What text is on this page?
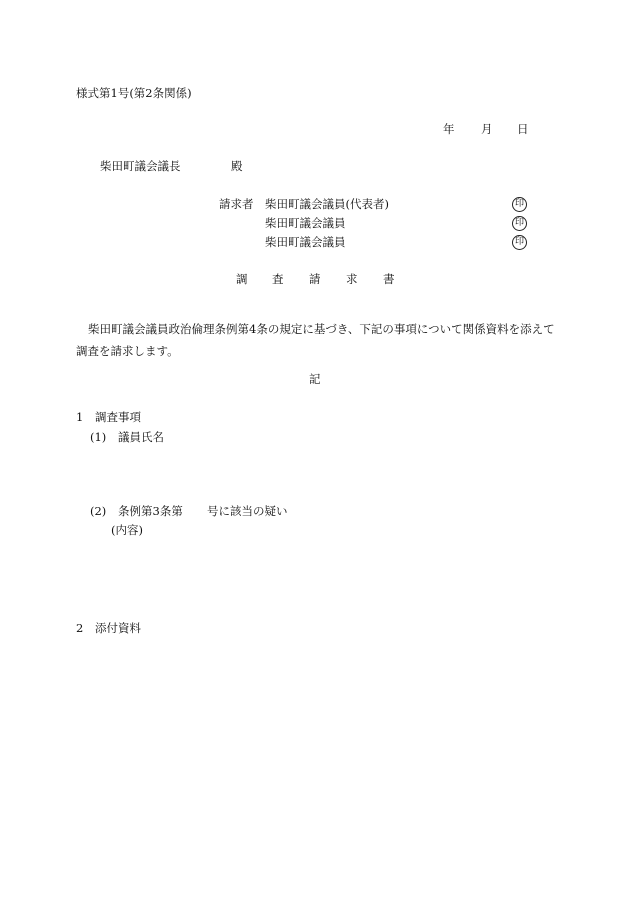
様式第1号(第2条関係)
年 月 日
柴田町議会議長	殿
請求者 柴田町議会議員(代表者)	印
柴田町議会議員	印
柴田町議会議員	印
調 査 請 求 書
柴田町議会議員政治倫理条例第4条の規定に基づき、下記の事項について関係資料を添えて調査を請求します。
記
1 調査事項
(1) 議員氏名
(2) 条例第3条第 号に該当の疑い
(内容)
2 添付資料
